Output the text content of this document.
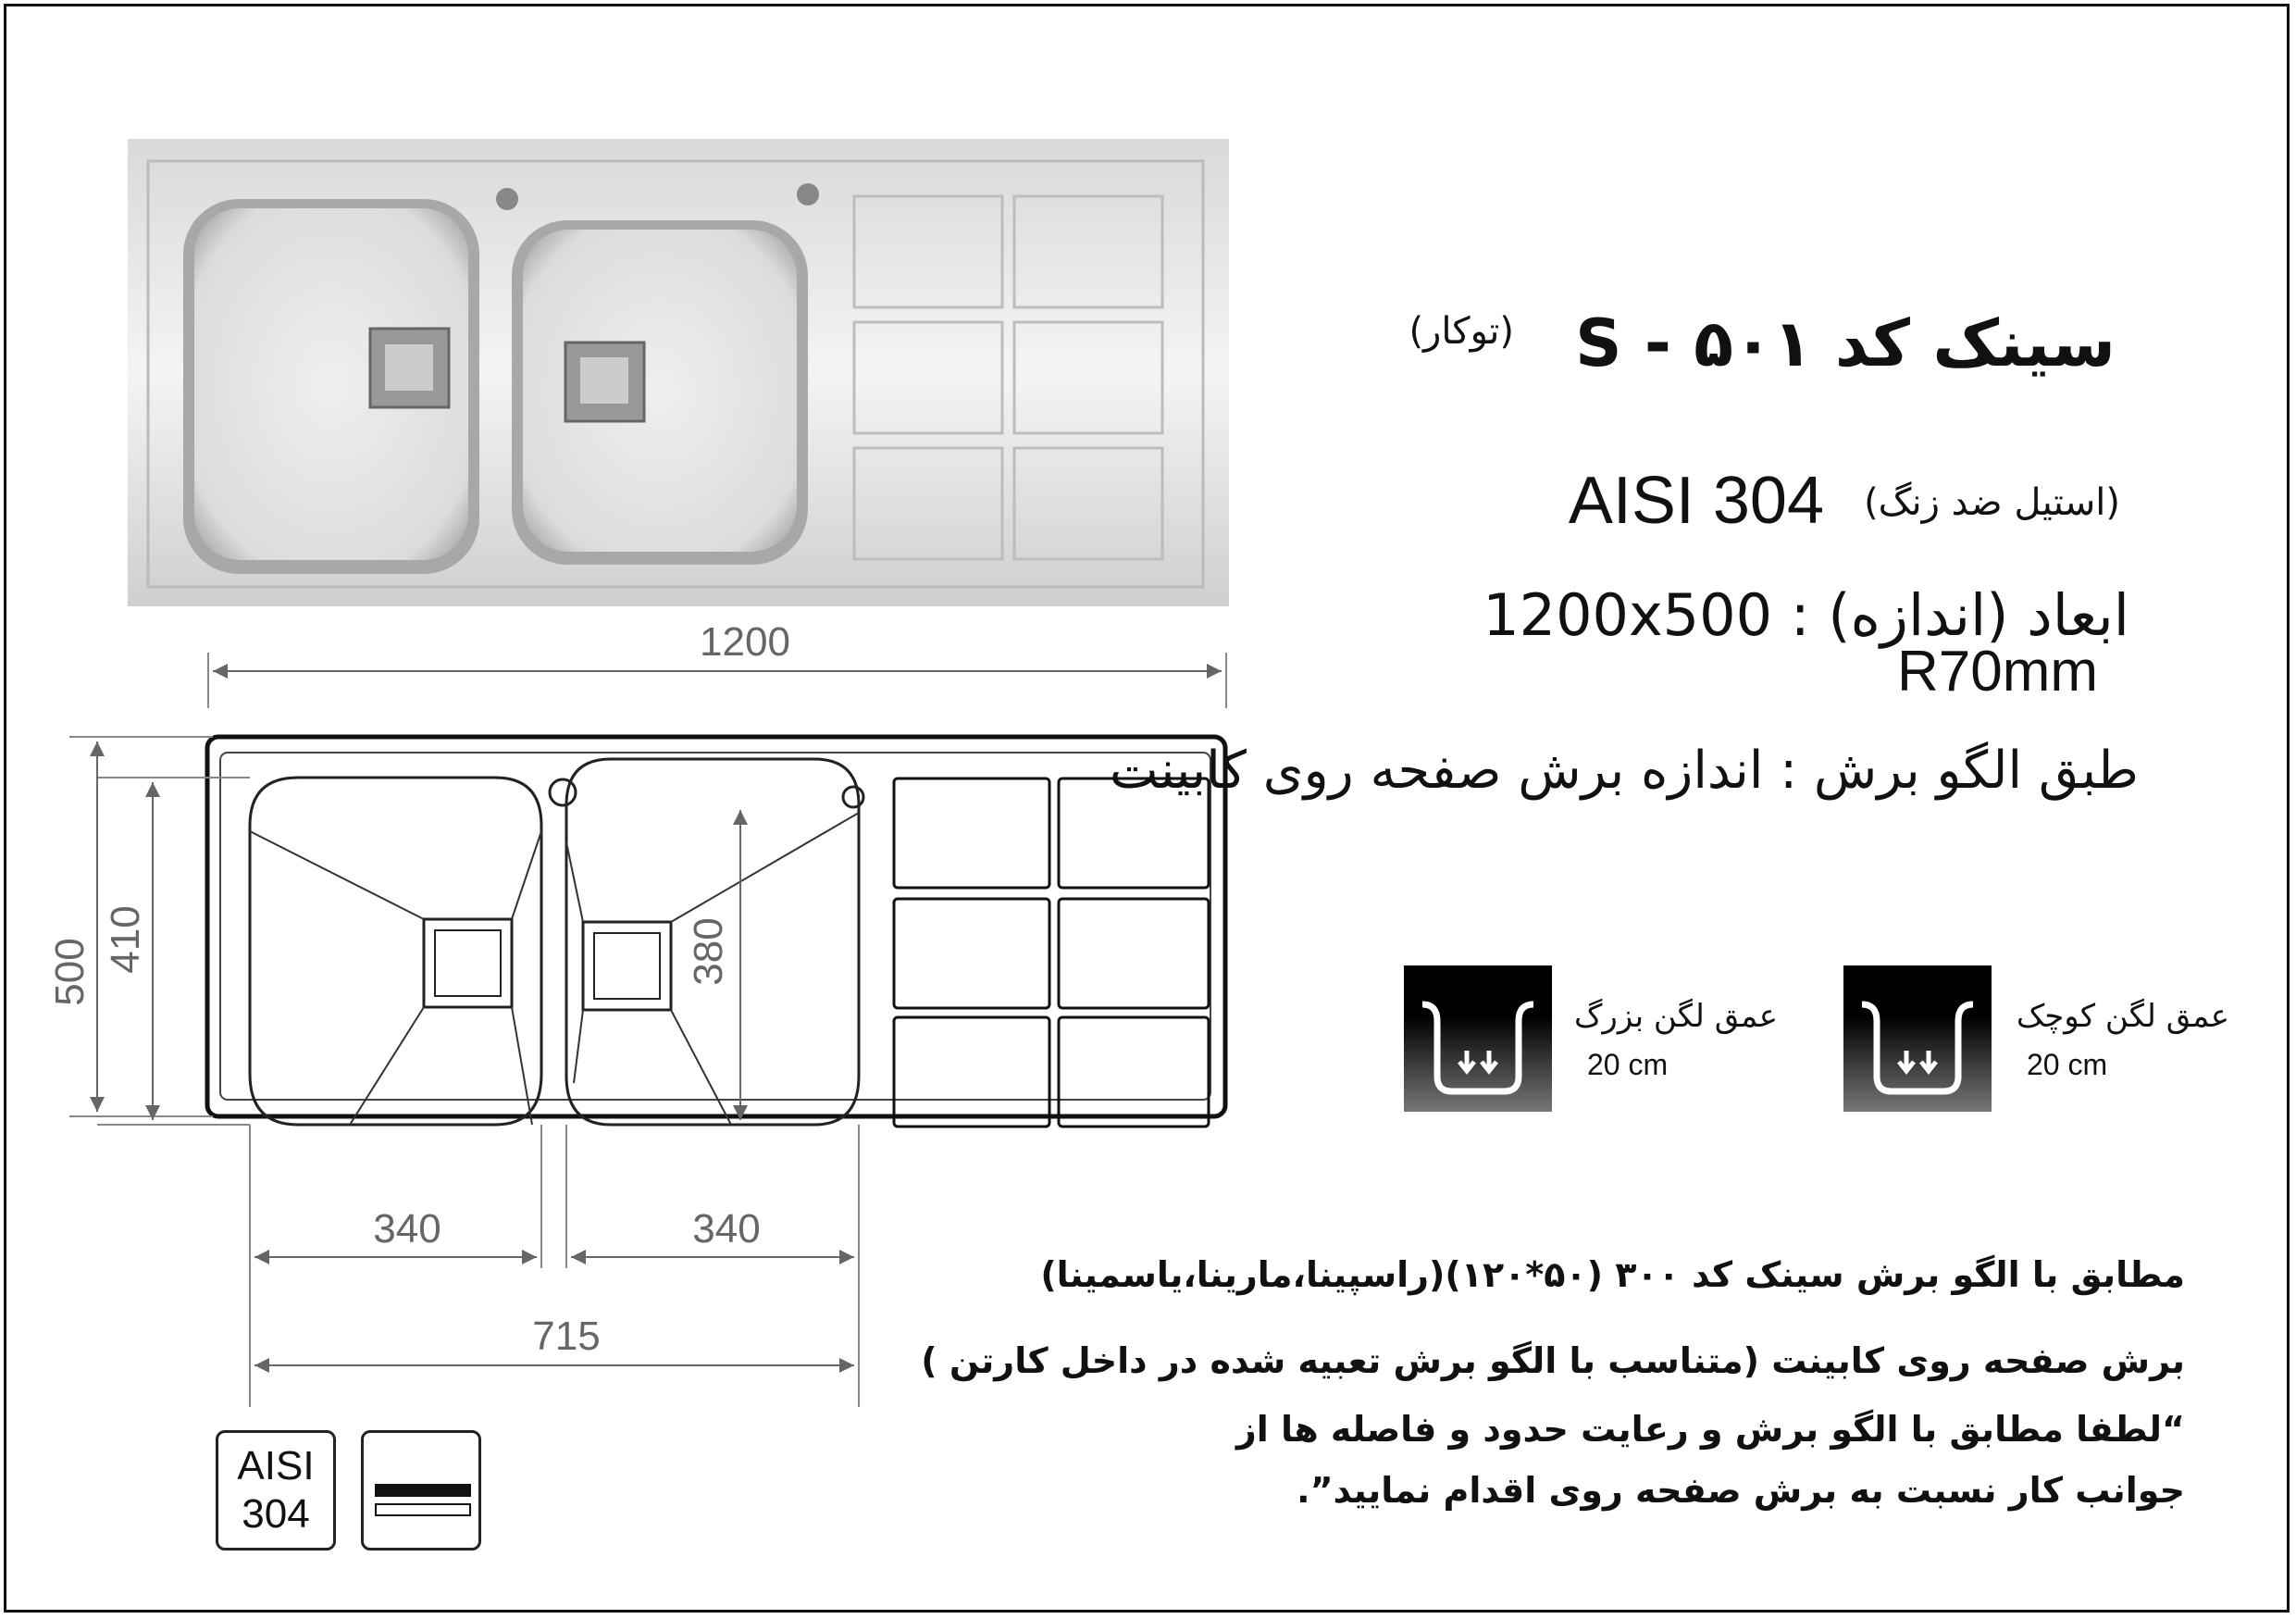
1200
500 410	380
340	340
715
سینک کد S - ۵۰۱
(توکار)
AISI 304 (استیل ضد زنگ)
ابعاد (اندازه) : 1200x500
R70mm
طبق الگو برش : اندازه برش صفحه روی کابینت
عمق لگن بزرگ
20 cm
عمق لگن کوچک
20 cm
مطابق با الگو برش سینک کد ۳۰۰ (۵۰*۱۲۰)(راسپینا،مارینا،یاسمینا)
برش صفحه روی کابینت (متناسب با الگو برش تعبیه شده در داخل کارتن )
“لطفا مطابق با الگو برش و رعایت حدود و فاصله ها از
جوانب کار نسبت به برش صفحه روی اقدام نمایید”.
AISI
304
